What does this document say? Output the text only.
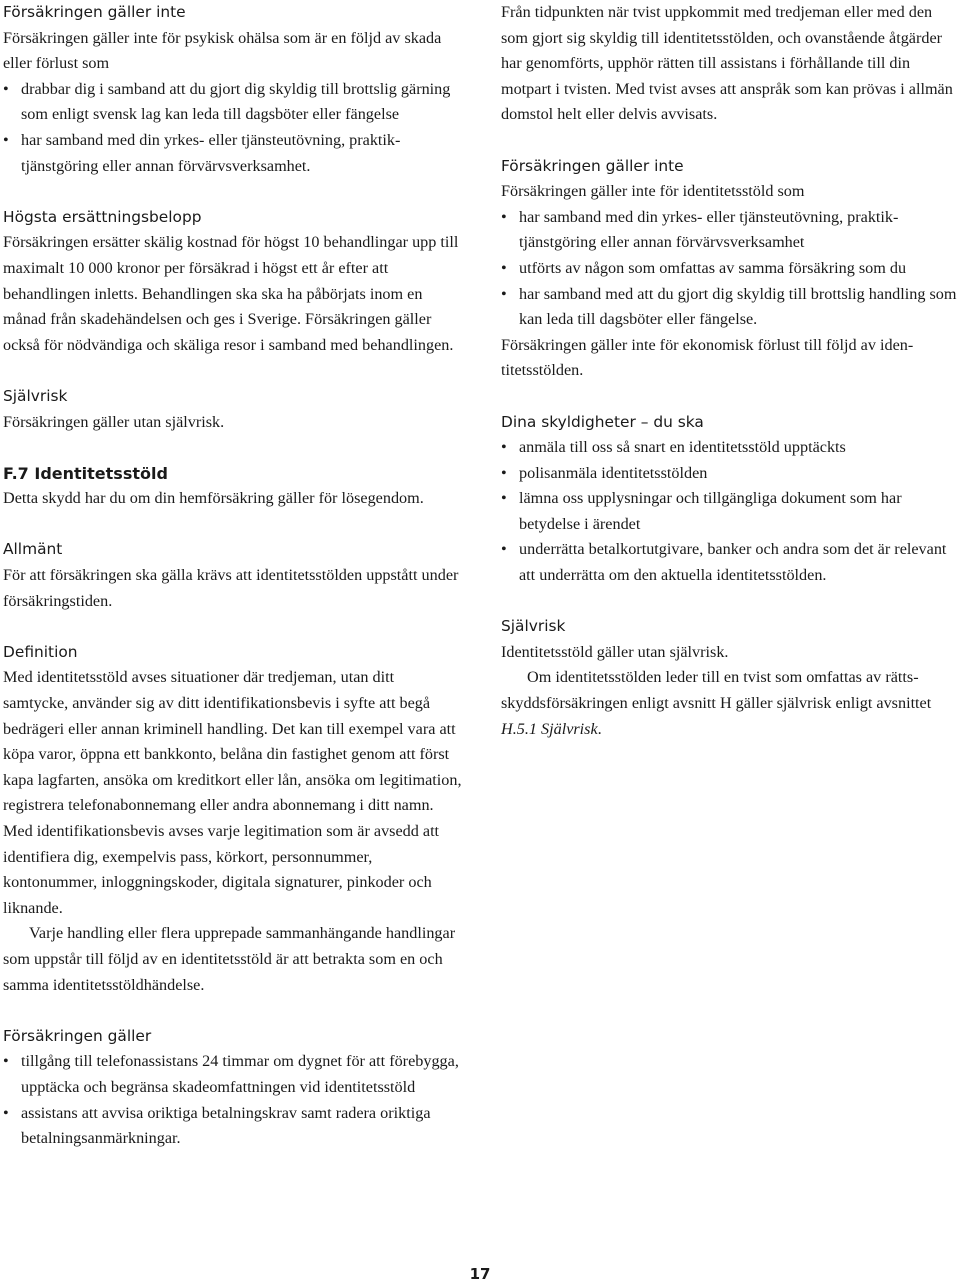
Försäkringen gäller inte

Försäkringen gäller inte för psykisk ohälsa som är en följd av skada eller förlust som

• drabbar dig i samband att du gjort dig skyldig till brottslig gärning som enligt svensk lag kan leda till dagsböter eller fängelse
• har samband med din yrkes- eller tjänsteutövning, praktiktjänstgöring eller annan förvärvsverksamhet.
Högsta ersättningsbelopp

Försäkringen ersätter skälig kostnad för högst 10 behandlingar upp till maximalt 10 000 kronor per försäkrad i högst ett år efter att behandlingen inletts. Behandlingen ska ska ha påbörjats inom en månad från skadehändelsen och ges i Sverige. Försäkringen gäller också för nödvändiga och skäliga resor i samband med behandlingen.

Självrisk

Försäkringen gäller utan självrisk.

F.7 Identitetsstöld

Detta skydd har du om din hemförsäkring gäller för lösegendom.

Allmänt

För att försäkringen ska gälla krävs att identitetsstölden uppstått under försäkringstiden.

Definition

Med identitetsstöld avses situationer där tredjeman, utan ditt samtycke, använder sig av ditt identifikationsbevis i syfte att begå bedrägeri eller annan kriminell handling. Det kan till exempel vara att köpa varor, öppna ett bankkonto, belåna din fastighet genom att först kapa lagfarten, ansöka om kreditkort eller lån, ansöka om legitimation, registrera telefonabonnemang eller andra abonnemang i ditt namn. Med identifikationsbevis avses varje legitimation som är avsedd att identifiera dig, exempelvis pass, körkort, personnummer, kontonummer, inloggningskoder, digitala signaturer, pinkoder och liknande.

Varje handling eller flera upprepade sammanhängande handlingar som uppstår till följd av en identitetsstöld är att betrakta som en och samma identitetsstöldhändelse.

Försäkringen gäller
• tillgång till telefonassistans 24 timmar om dygnet för att förebygga, upptäcka och begränsa skadeomfattningen vid identitetsstöld
• assistans att avvisa oriktiga betalningskrav samt radera oriktiga betalningsanmärkningar.

Från tidpunkten när tvist uppkommit med tredjeman eller med den som gjort sig skyldig till identitetsstölden, och ovanstående åtgärder har genomförts, upphör rätten till assistans i förhållande till din motpart i tvisten. Med tvist avses att anspråk som kan prövas i allmän domstol helt eller delvis avvisats.

Försäkringen gäller inte

Försäkringen gäller inte för identitetsstöld som

• har samband med din yrkes- eller tjänsteutövning, praktiktjänstgöring eller annan förvärvsverksamhet
• utförts av någon som omfattas av samma försäkring som du
• har samband med att du gjort dig skyldig till brottslig handling som kan leda till dagsböter eller fängelse.

Försäkringen gäller inte för ekonomisk förlust till följd av identitetsstölden.

Dina skyldigheter – du ska
• anmäla till oss så snart en identitetsstöld upptäckts
• polisanmäla identitetsstölden
• lämna oss upplysningar och tillgängliga dokument som har betydelse i ärendet
• underrätta betalkortutgivare, banker och andra som det är relevant att underrätta om den aktuella identitetsstölden.
Självrisk

Identitetsstöld gäller utan självrisk.

Om identitetsstölden leder till en tvist som omfattas av rättsskyddsförsäkringen enligt avsnitt H gäller självrisk enligt avsnittet H.5.1 Självrisk.

17
